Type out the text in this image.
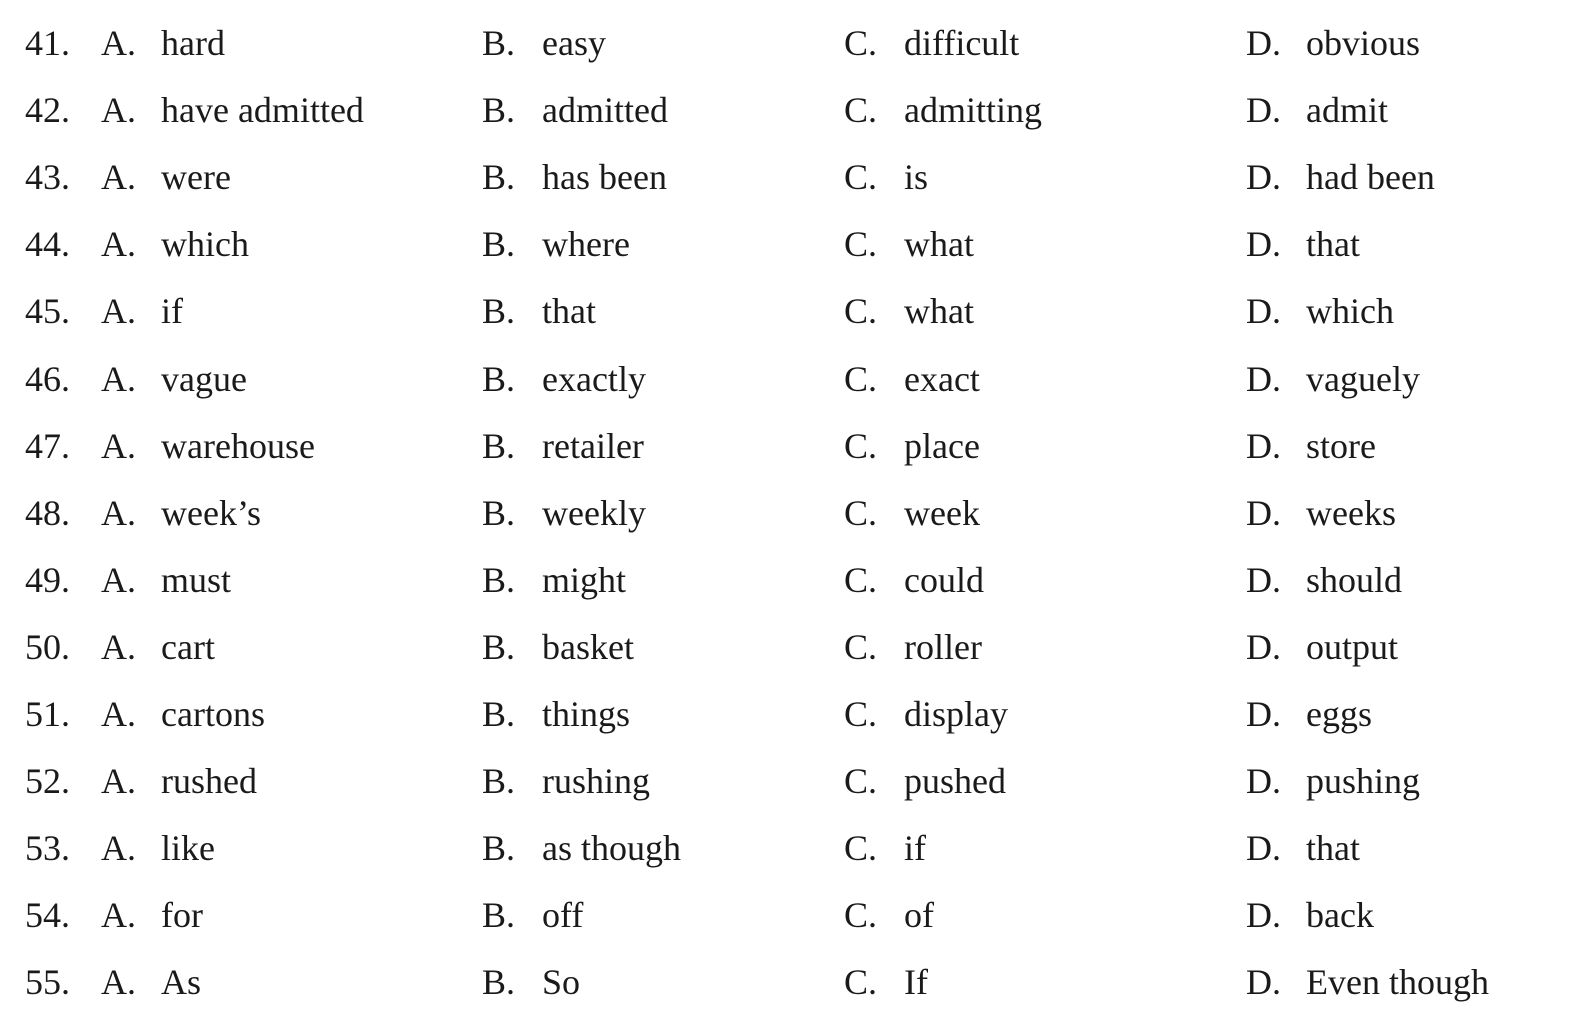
41. A. hard	B. easy	C. difficult	D. obvious
42. A. have admitted	B. admitted	C. admitting	D. admit
43. A. were	B. has been	C. is	D. had been
44. A. which	B. where	C. what	D. that
45. A. if	B. that	C. what	D. which
46. A. vague	B. exactly	C. exact	D. vaguely
47. A. warehouse	B. retailer	C. place	D. store
48. A. week’s	B. weekly	C. week	D. weeks
49. A. must	B. might	C. could	D. should
50. A. cart	B. basket	C. roller	D. output
51. A. cartons	B. things	C. display	D. eggs
52. A. rushed	B. rushing	C. pushed	D. pushing
53. A. like	B. as though	C. if	D. that
54. A. for	B. off	C. of	D. back
55. A. As	B. So	C. If	D. Even though
